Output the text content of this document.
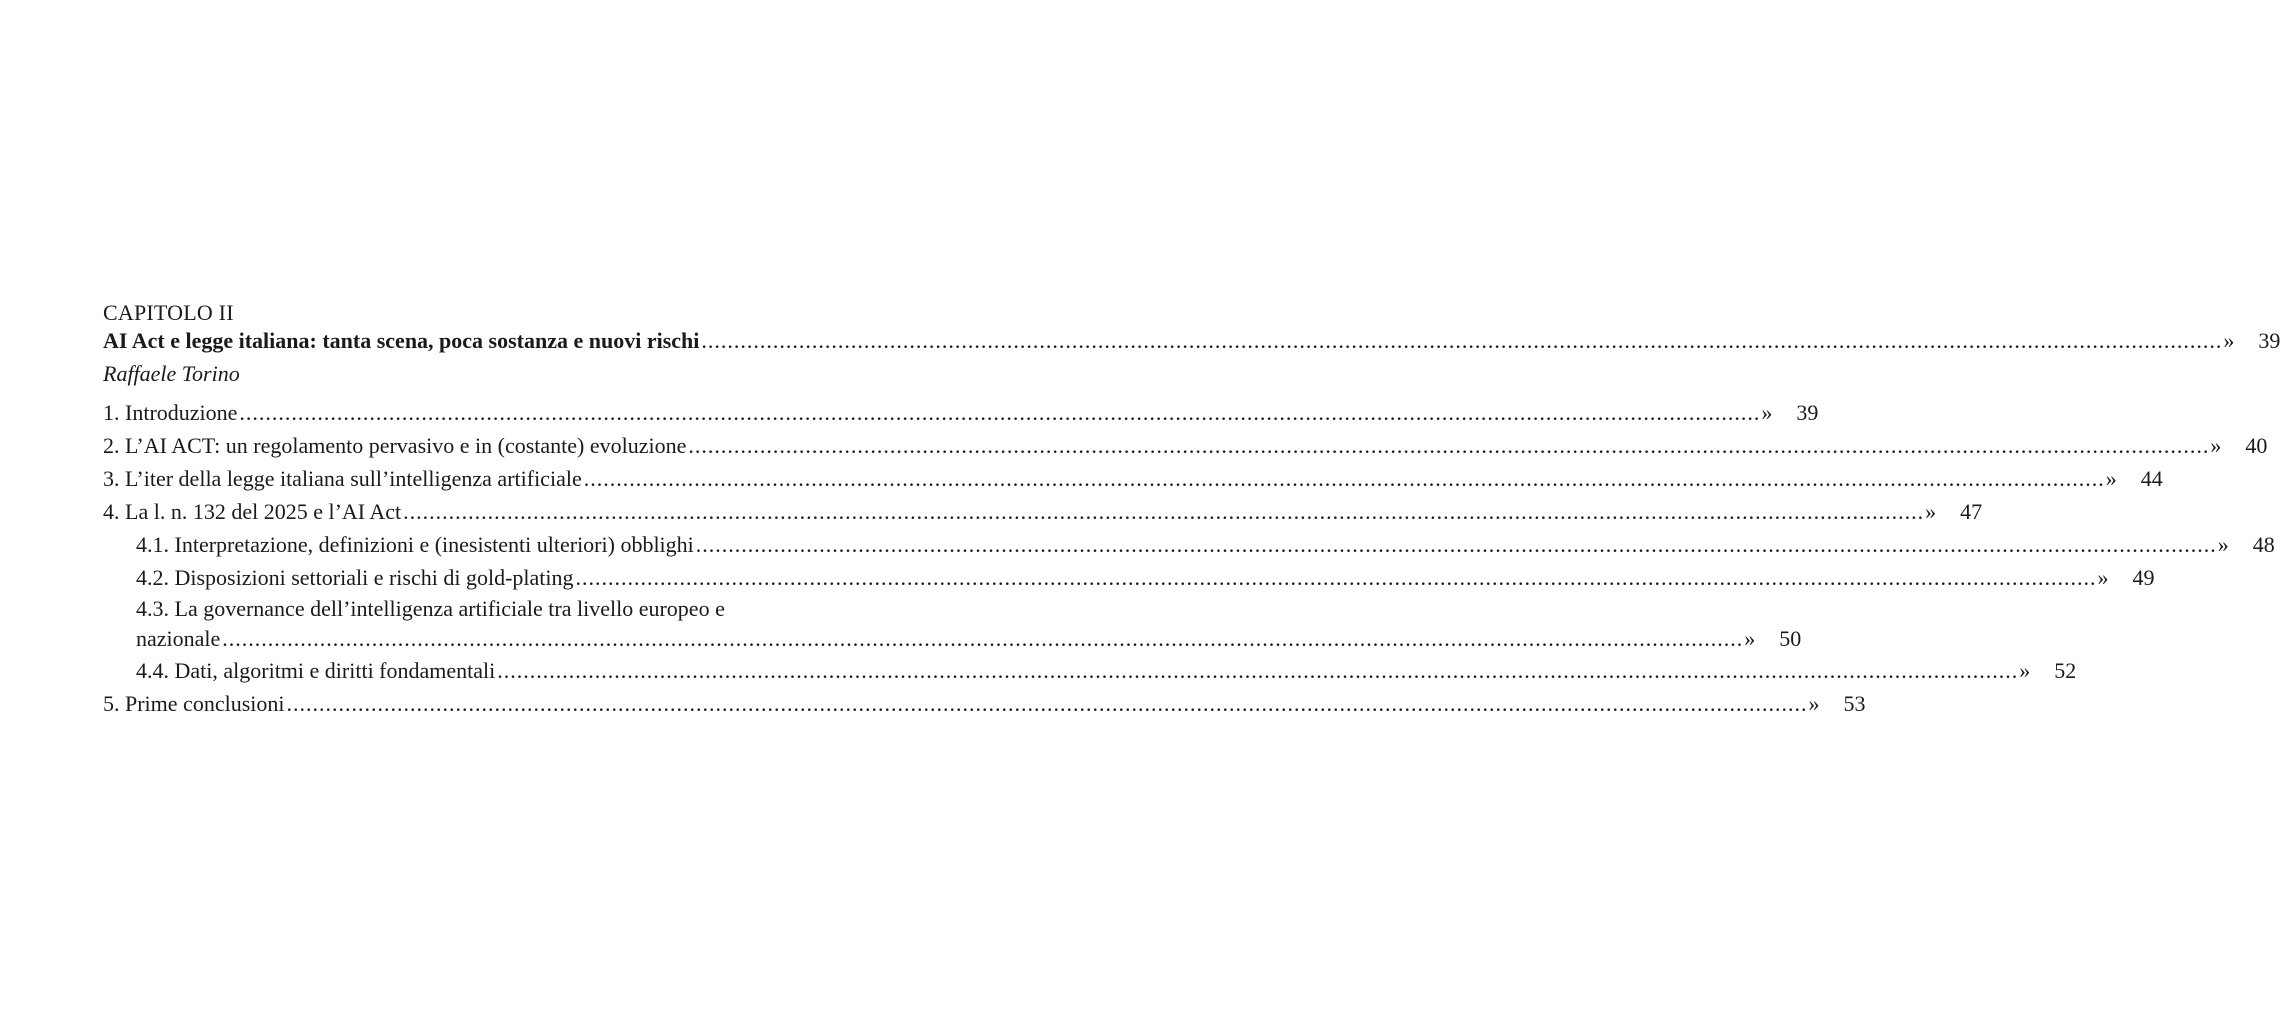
CAPITOLO II
AI Act e legge italiana: tanta scena, poca sostanza e nuovi rischi .....	»	39
Raffaele Torino
1. Introduzione .....	»	39
2. L’AI ACT: un regolamento pervasivo e in (costante) evoluzione .....	»	40
3. L’iter della legge italiana sull’intelligenza artificiale .....	»	44
4. La l. n. 132 del 2025 e l’AI Act .....	»	47
4.1. Interpretazione, definizioni e (inesistenti ulteriori) obblighi .....	»	48
4.2. Disposizioni settoriali e rischi di gold-plating .....	»	49
4.3. La governance dell’intelligenza artificiale tra livello europeo e
nazionale .....	»	50
4.4. Dati, algoritmi e diritti fondamentali .....	»	52
5. Prime conclusioni .....	»	53
